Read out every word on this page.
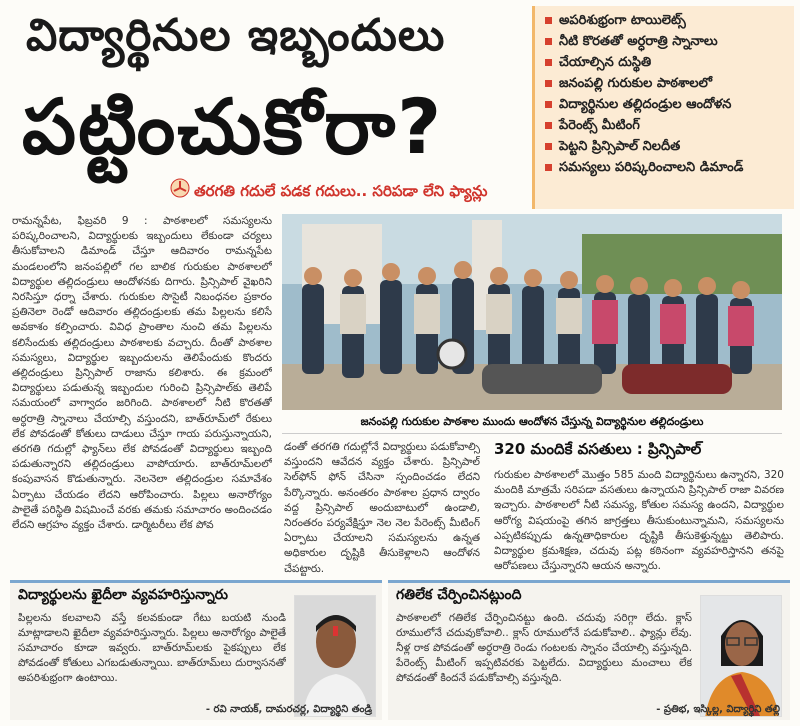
విద్యార్థినుల ఇబ్బందులు
పట్టించుకోరా?
తరగతి గదులే పడక గదులు.. సరిపడా లేని ఫ్యాన్లు
అపరిశుభ్రంగా టాయిలెట్స్
నీటి కొరతతో అర్ధరాత్రి స్నానాలు
చేయాల్సిన దుస్థితి
జనంపల్లి గురుకుల పాఠశాలలో
విద్యార్థినుల తల్లిదండ్రుల ఆందోళన
పేరెంట్స్ మీటింగ్
పెట్టని ప్రిన్సిపాల్ నిలదీత
సమస్యలు పరిష్కరించాలని డిమాండ్
రామన్నపేట, ఫిబ్రవరి 9 : పాఠశాలలో సమస్యలను పరిష్కరించాలని, విద్యార్థులకు ఇబ్బందులు లేకుండా చర్యలు తీసుకోవాలని డిమాండ్ చేస్తూ ఆదివారం రామన్నపేట మండలంలోని జనంపల్లిలో గల బాలిక గురుకుల పాఠశాలలో విద్యార్థుల తల్లిదండ్రులు ఆందోళనకు దిగారు. ప్రిన్సిపాల్ వైఖరిని నిరసిస్తూ ధర్నా చేశారు. గురుకుల సొసైటీ నిబంధనల ప్రకారం ప్రతినెలా రెండో ఆదివారం తల్లిదండ్రులకు తమ పిల్లలను కలిసే అవకాశం కల్పించారు. వివిధ ప్రాంతాల నుంచి తమ పిల్లలను కలిసేందుకు తల్లిదండ్రులు పాఠశాలకు వచ్చారు. దీంతో పాఠశాల సమస్యలు, విద్యార్థుల ఇబ్బందులను తెలిపేందుకు కొందరు తల్లిదండ్రులు ప్రిన్సిపాల్ రాజాను కలిశారు. ఈ క్రమంలో విద్యార్థులు పడుతున్న ఇబ్బందుల గురించి ప్రిన్సిపాల్‌కు తెలిపే సమయంలో వాగ్వాదం జరిగింది. పాఠశాలలో నీటి కొరతతో అర్ధరాత్రి స్నానాలు చేయాల్సి వస్తుందని, బాత్‌రూమ్‌లో రేకులు లేక పోవడంతో కోతులు దాడులు చేస్తూ గాయ పరుస్తున్నాయని, తరగతి గదుల్లో ఫ్యాన్‌లు లేక పోవడంతో విద్యార్థులు ఇబ్బంది పడుతున్నారని తల్లిదండ్రులు వాపోయారు. బాత్‌రూమ్‌లలో కంపువాసన కొడుతున్నారు. నెలనెలా తల్లిదండ్రుల సమావేశం ఏర్పాటు చేయడం లేదని ఆరోపించారు. పిల్లలు అనారోగ్యం పాలైతే పరిస్థితి విషమించే వరకు తమకు సమాచారం అందించడం లేదని ఆగ్రహం వ్యక్తం చేశారు. డార్మిటరీలు లేక పోవ
జనంపల్లి గురుకుల పాఠశాల ముందు ఆందోళన చేస్తున్న విద్యార్థినుల తల్లిదండ్రులు
డంతో తరగతి గదుల్లోనే విద్యార్థులు పడుకోవాల్సి వస్తుందని ఆవేదన వ్యక్తం చేశారు. ప్రిన్సిపాల్ సెల్‌ఫోన్ ఫోన్ చేసినా స్పందించడం లేదని పేర్కొన్నారు. అనంతరం పాఠశాల ప్రధాన ద్వారం వద్ద ప్రిన్సిపాల్ అందుబాటులో ఉండాలి, నిరంతరం పర్యవేక్షిస్తూ నెల నెల పేరెంట్స్ మీటింగ్ ఏర్పాటు చేయాలని సమస్యలను ఉన్నత అధికారుల దృష్టికి తీసుకెళ్లాలని ఆందోళన చేపట్టారు.
320 మందికే వసతులు : ప్రిన్సిపాల్
గురుకుల పాఠశాలలో మొత్తం 585 మంది విద్యార్థినులు ఉన్నారని, 320 మందికి మాత్రమే సరిపడా వసతులు ఉన్నాయని ప్రిన్సిపాల్ రాజా వివరణ ఇచ్చారు. పాఠశాలలో నీటి సమస్య, కోతుల సమస్య ఉందని, విద్యార్థుల ఆరోగ్య విషయంపై తగిన జాగ్రత్తలు తీసుకుంటున్నామని, సమస్యలను ఎప్పటికప్పుడు ఉన్నతాధికారుల దృష్టికి తీసుకెళ్తున్నట్టు తెలిపారు. విద్యార్థుల క్రమశిక్షణ, చదువు పట్ల కఠినంగా వ్యవహరిస్తానని తనపై ఆరోపణలు చేస్తున్నారని ఆయన అన్నారు.
విద్యార్థులను ఖైదీలా వ్యవహరిస్తున్నారు
పిల్లలను కలవాలని వస్తే కలవకుండా గేటు బయటి నుండి మాట్లాడాలని ఖైదీలా వ్యవహరిస్తున్నారు. పిల్లలు అనారోగ్యం పాలైతే సమాచారం కూడా ఇవ్వరు. బాత్‌రూమ్‌లకు పైకప్పులు లేక పోవడంతో కోతులు ఎగబడుతున్నాయి. బాత్‌రూమ్‌లు దుర్వాసనతో అపరిశుభ్రంగా ఉంటాయి.
- రవి నాయక్, దామరచర్ల, విద్యార్థిని తండ్రి
గతిలేక చేర్పించినట్లుంది
పాఠశాలలో గతిలేక చేర్పించినట్టు ఉంది. చదువు సరిగ్గా లేదు. క్లాస్ రూములోనే చదువుకోవాలి.. క్లాస్ రూములోనే పడుకోవాలి.. ఫ్యాన్లు లేవు. నీళ్ల రాక పోవడంతో అర్ధరాత్రి రెండు గంటలకు స్నానం చేయాల్సి వస్తున్నది. పేరెంట్స్ మీటింగ్ ఇప్పటివరకు పెట్టలేదు. విద్యార్థులు మంచాలు లేక పోవడంతో కిందనే పడుకోవాల్సి వస్తున్నది.
- ప్రతిభ, ఇస్కిల్ల, విద్యార్థిని తల్లి
